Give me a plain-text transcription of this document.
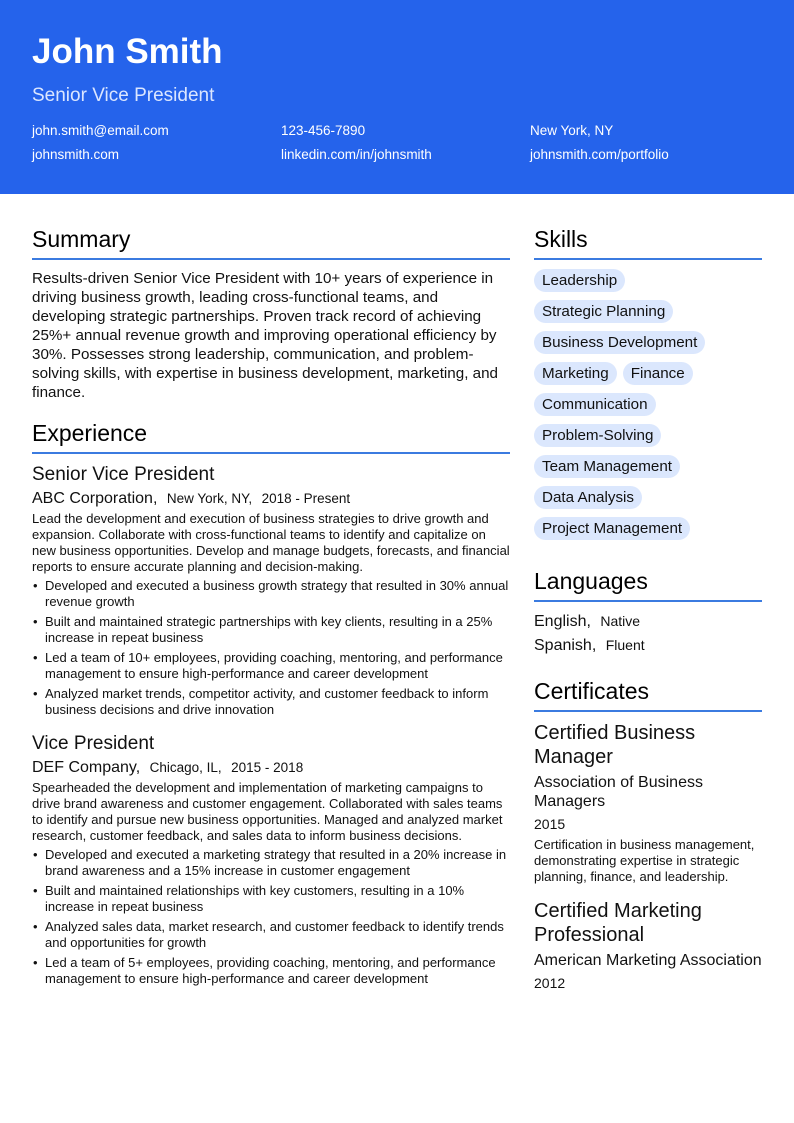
John Smith
Senior Vice President
john.smith@email.com	123-456-7890	New York, NY
johnsmith.com	linkedin.com/in/johnsmith	johnsmith.com/portfolio
Summary

Results-driven Senior Vice President with 10+ years of experience in driving business growth, leading cross-functional teams, and developing strategic partnerships. Proven track record of achieving 25%+ annual revenue growth and improving operational efficiency by 30%. Possesses strong leadership, communication, and problem-solving skills, with expertise in business development, marketing, and finance.

Experience
Senior Vice President
ABC Corporation, New York, NY, 2018 - Present

Lead the development and execution of business strategies to drive growth and expansion. Collaborate with cross-functional teams to identify and capitalize on new business opportunities. Develop and manage budgets, forecasts, and financial reports to ensure accurate planning and decision-making.

• Developed and executed a business growth strategy that resulted in 30% annual revenue growth
• Built and maintained strategic partnerships with key clients, resulting in a 25% increase in repeat business
• Led a team of 10+ employees, providing coaching, mentoring, and performance management to ensure high-performance and career development
• Analyzed market trends, competitor activity, and customer feedback to inform business decisions and drive innovation
Vice President
DEF Company, Chicago, IL, 2015 - 2018

Spearheaded the development and implementation of marketing campaigns to drive brand awareness and customer engagement. Collaborated with sales teams to identify and pursue new business opportunities. Managed and analyzed market research, customer feedback, and sales data to inform business decisions.

• Developed and executed a marketing strategy that resulted in a 20% increase in brand awareness and a 15% increase in customer engagement
• Built and maintained relationships with key customers, resulting in a 10% increase in repeat business
• Analyzed sales data, market research, and customer feedback to identify trends and opportunities for growth
• Led a team of 5+ employees, providing coaching, mentoring, and performance management to ensure high-performance and career development
Skills
Leadership
Strategic Planning
Business Development
Marketing	Finance
Communication
Problem-Solving
Team Management
Data Analysis
Project Management
Languages
English, Native
Spanish, Fluent
Certificates
Certified Business Manager
Association of Business Managers
2015
Certification in business management, demonstrating expertise in strategic planning, finance, and leadership.
Certified Marketing Professional
American Marketing Association
2012
